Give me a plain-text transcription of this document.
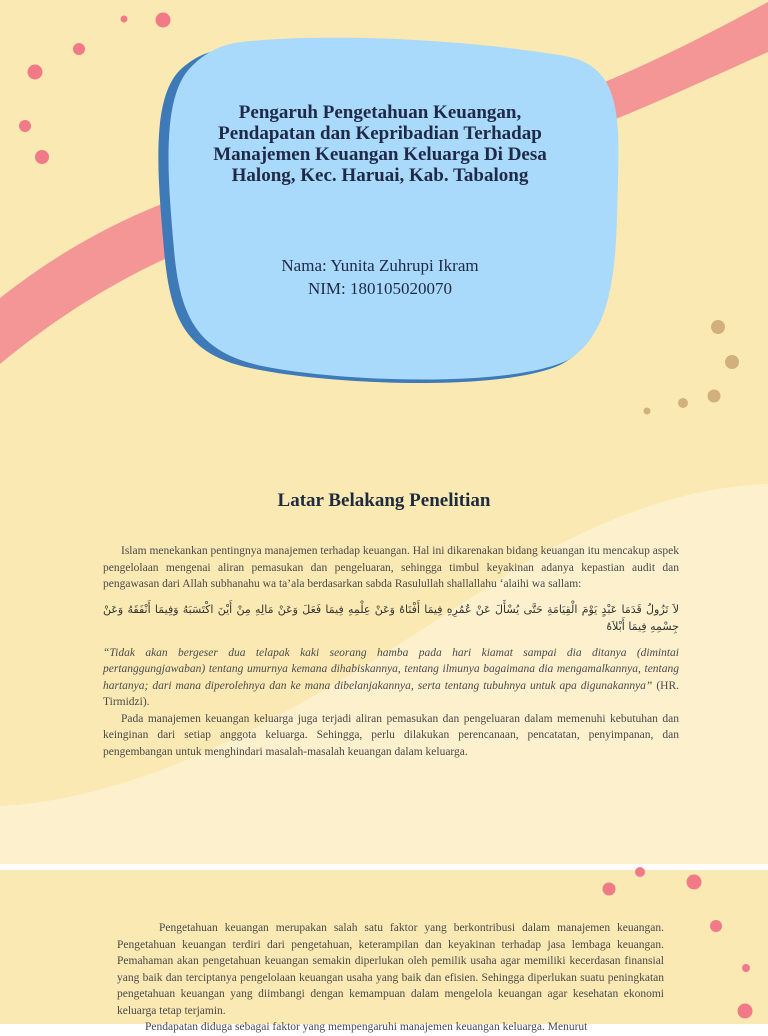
Pengaruh Pengetahuan Keuangan, Pendapatan dan Kepribadian Terhadap Manajemen Keuangan Keluarga Di Desa Halong, Kec. Haruai, Kab. Tabalong
Nama: Yunita Zuhrupi Ikram
NIM: 180105020070
Latar Belakang Penelitian

Islam menekankan pentingnya manajemen terhadap keuangan. Hal ini dikarenakan bidang keuangan itu mencakup aspek pengelolaan mengenai aliran pemasukan dan pengeluaran, sehingga timbul keyakinan adanya kepastian audit dan pengawasan dari Allah subhanahu wa ta’ala berdasarkan sabda Rasulullah shallallahu ‘alaihi wa sallam:

لاَ تَزُولُ قَدَمَا عَبْدٍ يَوْمَ الْقِيَامَةِ حَتَّى يُسْأَلَ عَنْ عُمُرِهِ فِيمَا أَفْنَاهُ وَعَنْ عِلْمِهِ فِيمَا فَعَلَ وَعَنْ مَالِهِ مِنْ أَيْنَ اكْتَسَبَهُ وَفِيمَا أَنْفَقَهُ وَعَنْ جِسْمِهِ فِيمَا أَبْلاَهُ

“Tidak akan bergeser dua telapak kaki seorang hamba pada hari kiamat sampai dia ditanya (dimintai pertanggungjawaban) tentang umurnya kemana dihabiskannya, tentang ilmunya bagaimana dia mengamalkannya, tentang hartanya; dari mana diperolehnya dan ke mana dibelanjakannya, serta tentang tubuhnya untuk apa digunakannya” (HR. Tirmidzi).

Pada manajemen keuangan keluarga juga terjadi aliran pemasukan dan pengeluaran dalam memenuhi kebutuhan dan keinginan dari setiap anggota keluarga. Sehingga, perlu dilakukan perencanaan, pencatatan, penyimpanan, dan pengembangan untuk menghindari masalah-masalah keuangan dalam keluarga.

Pengetahuan keuangan merupakan salah satu faktor yang berkontribusi dalam manajemen keuangan. Pengetahuan keuangan terdiri dari pengetahuan, keterampilan dan keyakinan terhadap jasa lembaga keuangan. Pemahaman akan pengetahuan keuangan semakin diperlukan oleh pemilik usaha agar memiliki kecerdasan finansial yang baik dan terciptanya pengelolaan keuangan usaha yang baik dan efisien. Sehingga diperlukan suatu peningkatan pengetahuan keuangan yang diimbangi dengan kemampuan dalam mengelola keuangan agar kesehatan ekonomi keluarga tetap terjamin.

Pendapatan diduga sebagai faktor yang mempengaruhi manajemen keuangan keluarga. Menurut
